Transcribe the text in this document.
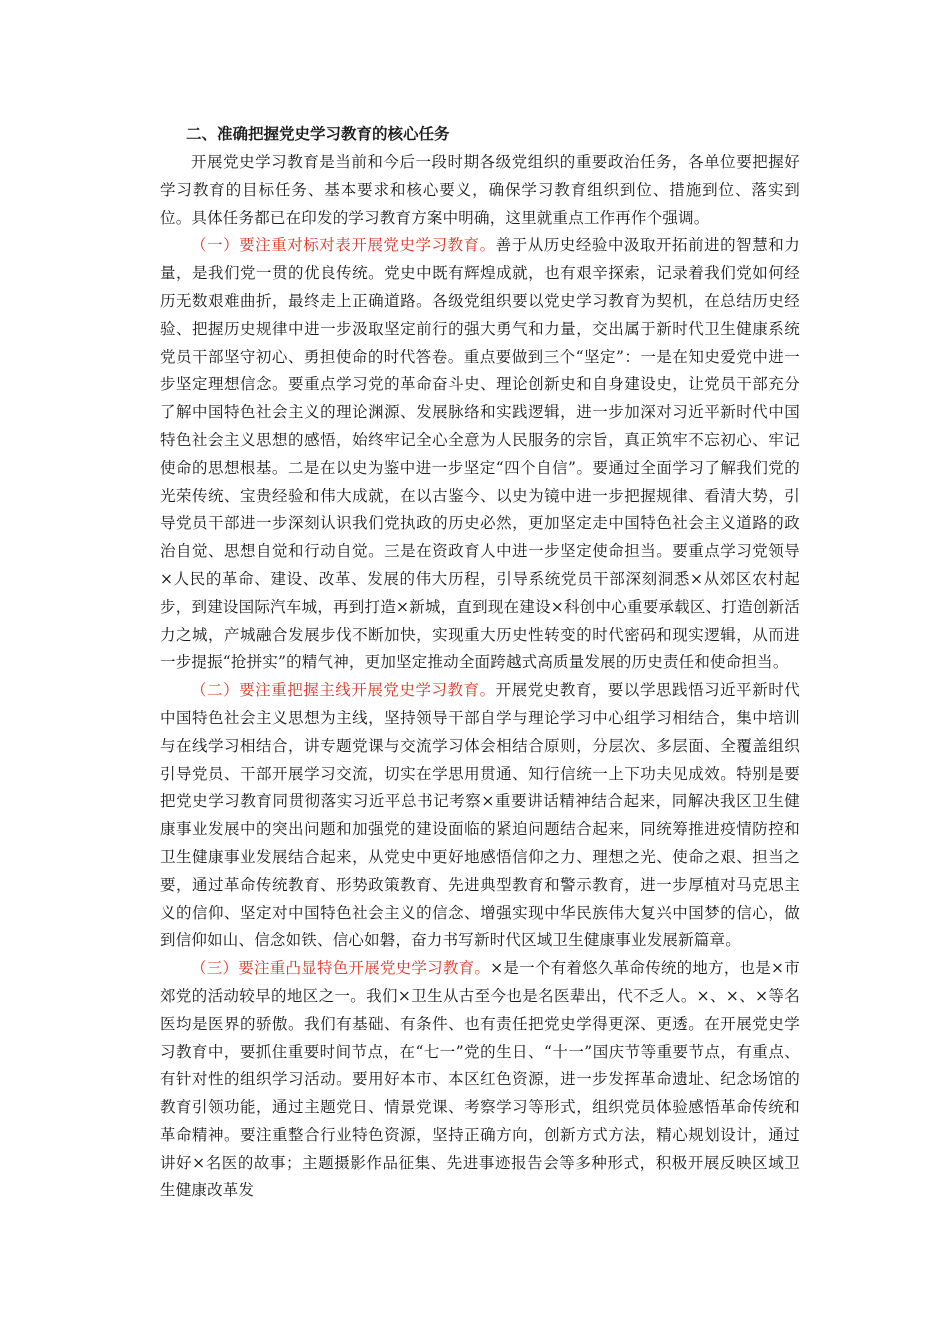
二、准确把握党史学习教育的核心任务

开展党史学习教育是当前和今后一段时期各级党组织的重要政治任务，各单位要把握好学习教育的目标任务、基本要求和核心要义，确保学习教育组织到位、措施到位、落实到位。具体任务都已在印发的学习教育方案中明确，这里就重点工作再作个强调。

（一）要注重对标对表开展党史学习教育。善于从历史经验中汲取开拓前进的智慧和力量，是我们党一贯的优良传统。党史中既有辉煌成就，也有艰辛探索，记录着我们党如何经历无数艰难曲折，最终走上正确道路。各级党组织要以党史学习教育为契机，在总结历史经验、把握历史规律中进一步汲取坚定前行的强大勇气和力量，交出属于新时代卫生健康系统党员干部坚守初心、勇担使命的时代答卷。重点要做到三个“坚定”：一是在知史爱党中进一步坚定理想信念。要重点学习党的革命奋斗史、理论创新史和自身建设史，让党员干部充分了解中国特色社会主义的理论渊源、发展脉络和实践逻辑，进一步加深对习近平新时代中国特色社会主义思想的感悟，始终牢记全心全意为人民服务的宗旨，真正筑牢不忘初心、牢记使命的思想根基。二是在以史为鉴中进一步坚定“四个自信”。要通过全面学习了解我们党的光荣传统、宝贵经验和伟大成就，在以古鉴今、以史为镜中进一步把握规律、看清大势，引导党员干部进一步深刻认识我们党执政的历史必然，更加坚定走中国特色社会主义道路的政治自觉、思想自觉和行动自觉。三是在资政育人中进一步坚定使命担当。要重点学习党领导×人民的革命、建设、改革、发展的伟大历程，引导系统党员干部深刻洞悉×从郊区农村起步，到建设国际汽车城，再到打造×新城，直到现在建设×科创中心重要承载区、打造创新活力之城，产城融合发展步伐不断加快，实现重大历史性转变的时代密码和现实逻辑，从而进一步提振“抢拼实”的精气神，更加坚定推动全面跨越式高质量发展的历史责任和使命担当。

（二）要注重把握主线开展党史学习教育。开展党史教育，要以学思践悟习近平新时代中国特色社会主义思想为主线，坚持领导干部自学与理论学习中心组学习相结合，集中培训与在线学习相结合，讲专题党课与交流学习体会相结合原则，分层次、多层面、全覆盖组织引导党员、干部开展学习交流，切实在学思用贯通、知行信统一上下功夫见成效。特别是要把党史学习教育同贯彻落实习近平总书记考察×重要讲话精神结合起来，同解决我区卫生健康事业发展中的突出问题和加强党的建设面临的紧迫问题结合起来，同统筹推进疫情防控和卫生健康事业发展结合起来，从党史中更好地感悟信仰之力、理想之光、使命之艰、担当之要，通过革命传统教育、形势政策教育、先进典型教育和警示教育，进一步厚植对马克思主义的信仰、坚定对中国特色社会主义的信念、增强实现中华民族伟大复兴中国梦的信心，做到信仰如山、信念如铁、信心如磐，奋力书写新时代区域卫生健康事业发展新篇章。

（三）要注重凸显特色开展党史学习教育。×是一个有着悠久革命传统的地方，也是×市郊党的活动较早的地区之一。我们×卫生从古至今也是名医辈出，代不乏人。×、×、×等名医均是医界的骄傲。我们有基础、有条件、也有责任把党史学得更深、更透。在开展党史学习教育中，要抓住重要时间节点，在“七一”党的生日、“十一”国庆节等重要节点，有重点、有针对性的组织学习活动。要用好本市、本区红色资源，进一步发挥革命遗址、纪念场馆的教育引领功能，通过主题党日、情景党课、考察学习等形式，组织党员体验感悟革命传统和革命精神。要注重整合行业特色资源，坚持正确方向，创新方式方法，精心规划设计，通过讲好×名医的故事；主题摄影作品征集、先进事迹报告会等多种形式，积极开展反映区域卫生健康改革发
